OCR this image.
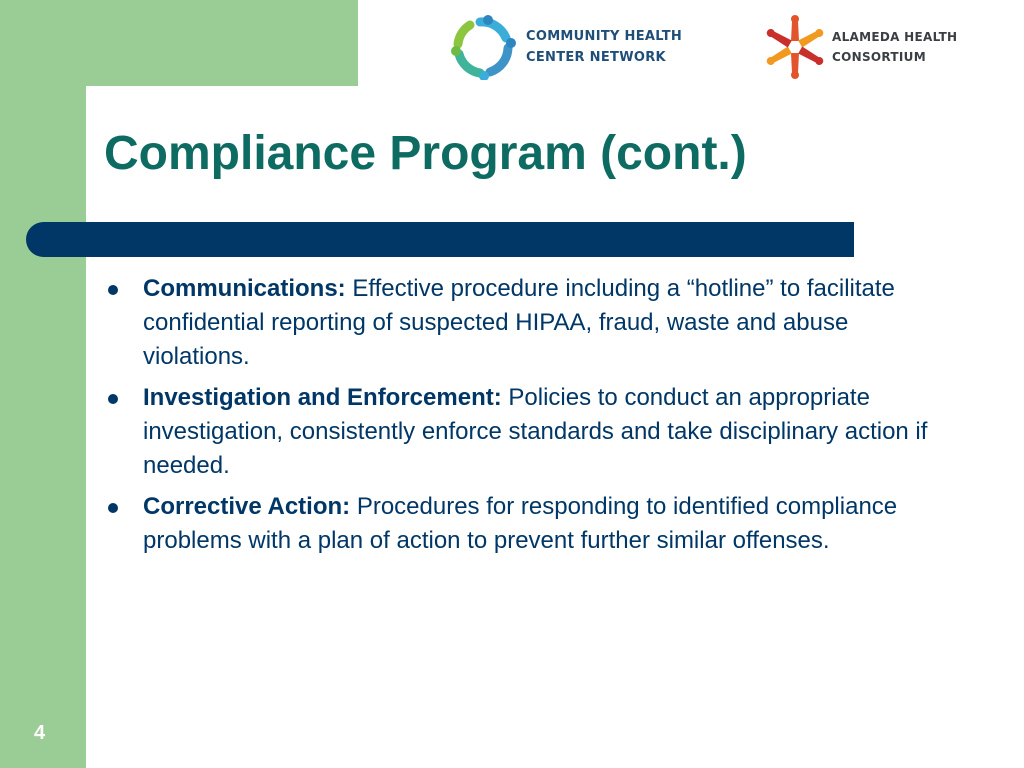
COMMUNITY HEALTH
CENTER NETWORK
ALAMEDA HEALTH
CONSORTIUM
Compliance Program (cont.)
Communications: Effective procedure including a “hotline” to facilitate confidential reporting of suspected HIPAA, fraud, waste and abuse violations.
Investigation and Enforcement: Policies to conduct an appropriate investigation, consistently enforce standards and take disciplinary action if needed.
Corrective Action: Procedures for responding to identified compliance problems with a plan of action to prevent further similar offenses.
4
